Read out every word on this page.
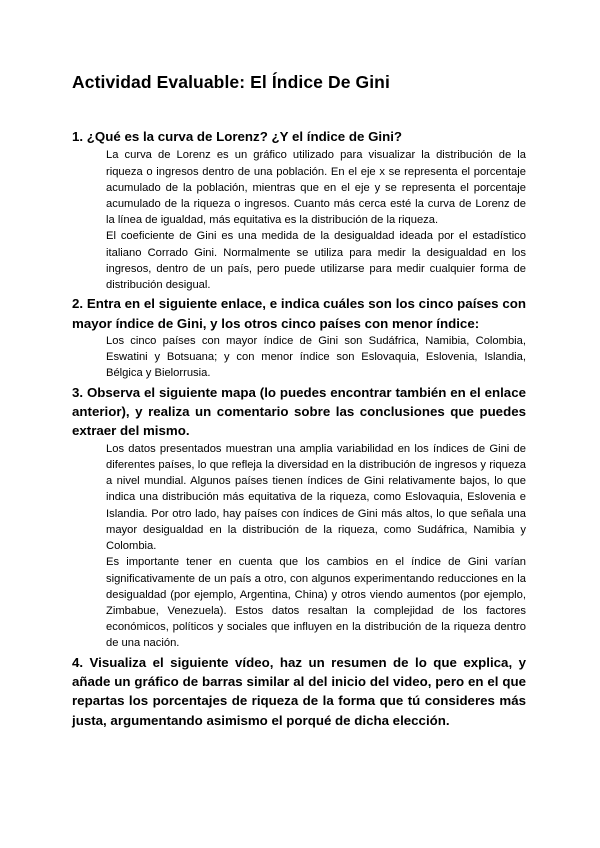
Actividad Evaluable: El Índice De Gini
1. ¿Qué es la curva de Lorenz? ¿Y el índice de Gini?

La curva de Lorenz es un gráfico utilizado para visualizar la distribución de la riqueza o ingresos dentro de una población. En el eje x se representa el porcentaje acumulado de la población, mientras que en el eje y se representa el porcentaje acumulado de la riqueza o ingresos. Cuanto más cerca esté la curva de Lorenz de la línea de igualdad, más equitativa es la distribución de la riqueza.

El coeficiente de Gini es una medida de la desigualdad ideada por el estadístico italiano Corrado Gini. Normalmente se utiliza para medir la desigualdad en los ingresos, dentro de un país, pero puede utilizarse para medir cualquier forma de distribución desigual.

2. Entra en el siguiente enlace, e indica cuáles son los cinco países con mayor índice de Gini, y los otros cinco países con menor índice:

Los cinco países con mayor índice de Gini son Sudáfrica, Namibia, Colombia, Eswatini y Botsuana; y con menor índice son Eslovaquia, Eslovenia, Islandia, Bélgica y Bielorrusia.

3. Observa el siguiente mapa (lo puedes encontrar también en el enlace anterior), y realiza un comentario sobre las conclusiones que puedes extraer del mismo.

Los datos presentados muestran una amplia variabilidad en los índices de Gini de diferentes países, lo que refleja la diversidad en la distribución de ingresos y riqueza a nivel mundial. Algunos países tienen índices de Gini relativamente bajos, lo que indica una distribución más equitativa de la riqueza, como Eslovaquia, Eslovenia e Islandia. Por otro lado, hay países con índices de Gini más altos, lo que señala una mayor desigualdad en la distribución de la riqueza, como Sudáfrica, Namibia y Colombia.

Es importante tener en cuenta que los cambios en el índice de Gini varían significativamente de un país a otro, con algunos experimentando reducciones en la desigualdad (por ejemplo, Argentina, China) y otros viendo aumentos (por ejemplo, Zimbabue, Venezuela). Estos datos resaltan la complejidad de los factores económicos, políticos y sociales que influyen en la distribución de la riqueza dentro de una nación.

4. Visualiza el siguiente vídeo, haz un resumen de lo que explica, y añade un gráfico de barras similar al del inicio del video, pero en el que repartas los porcentajes de riqueza de la forma que tú consideres más justa, argumentando asimismo el porqué de dicha elección.
